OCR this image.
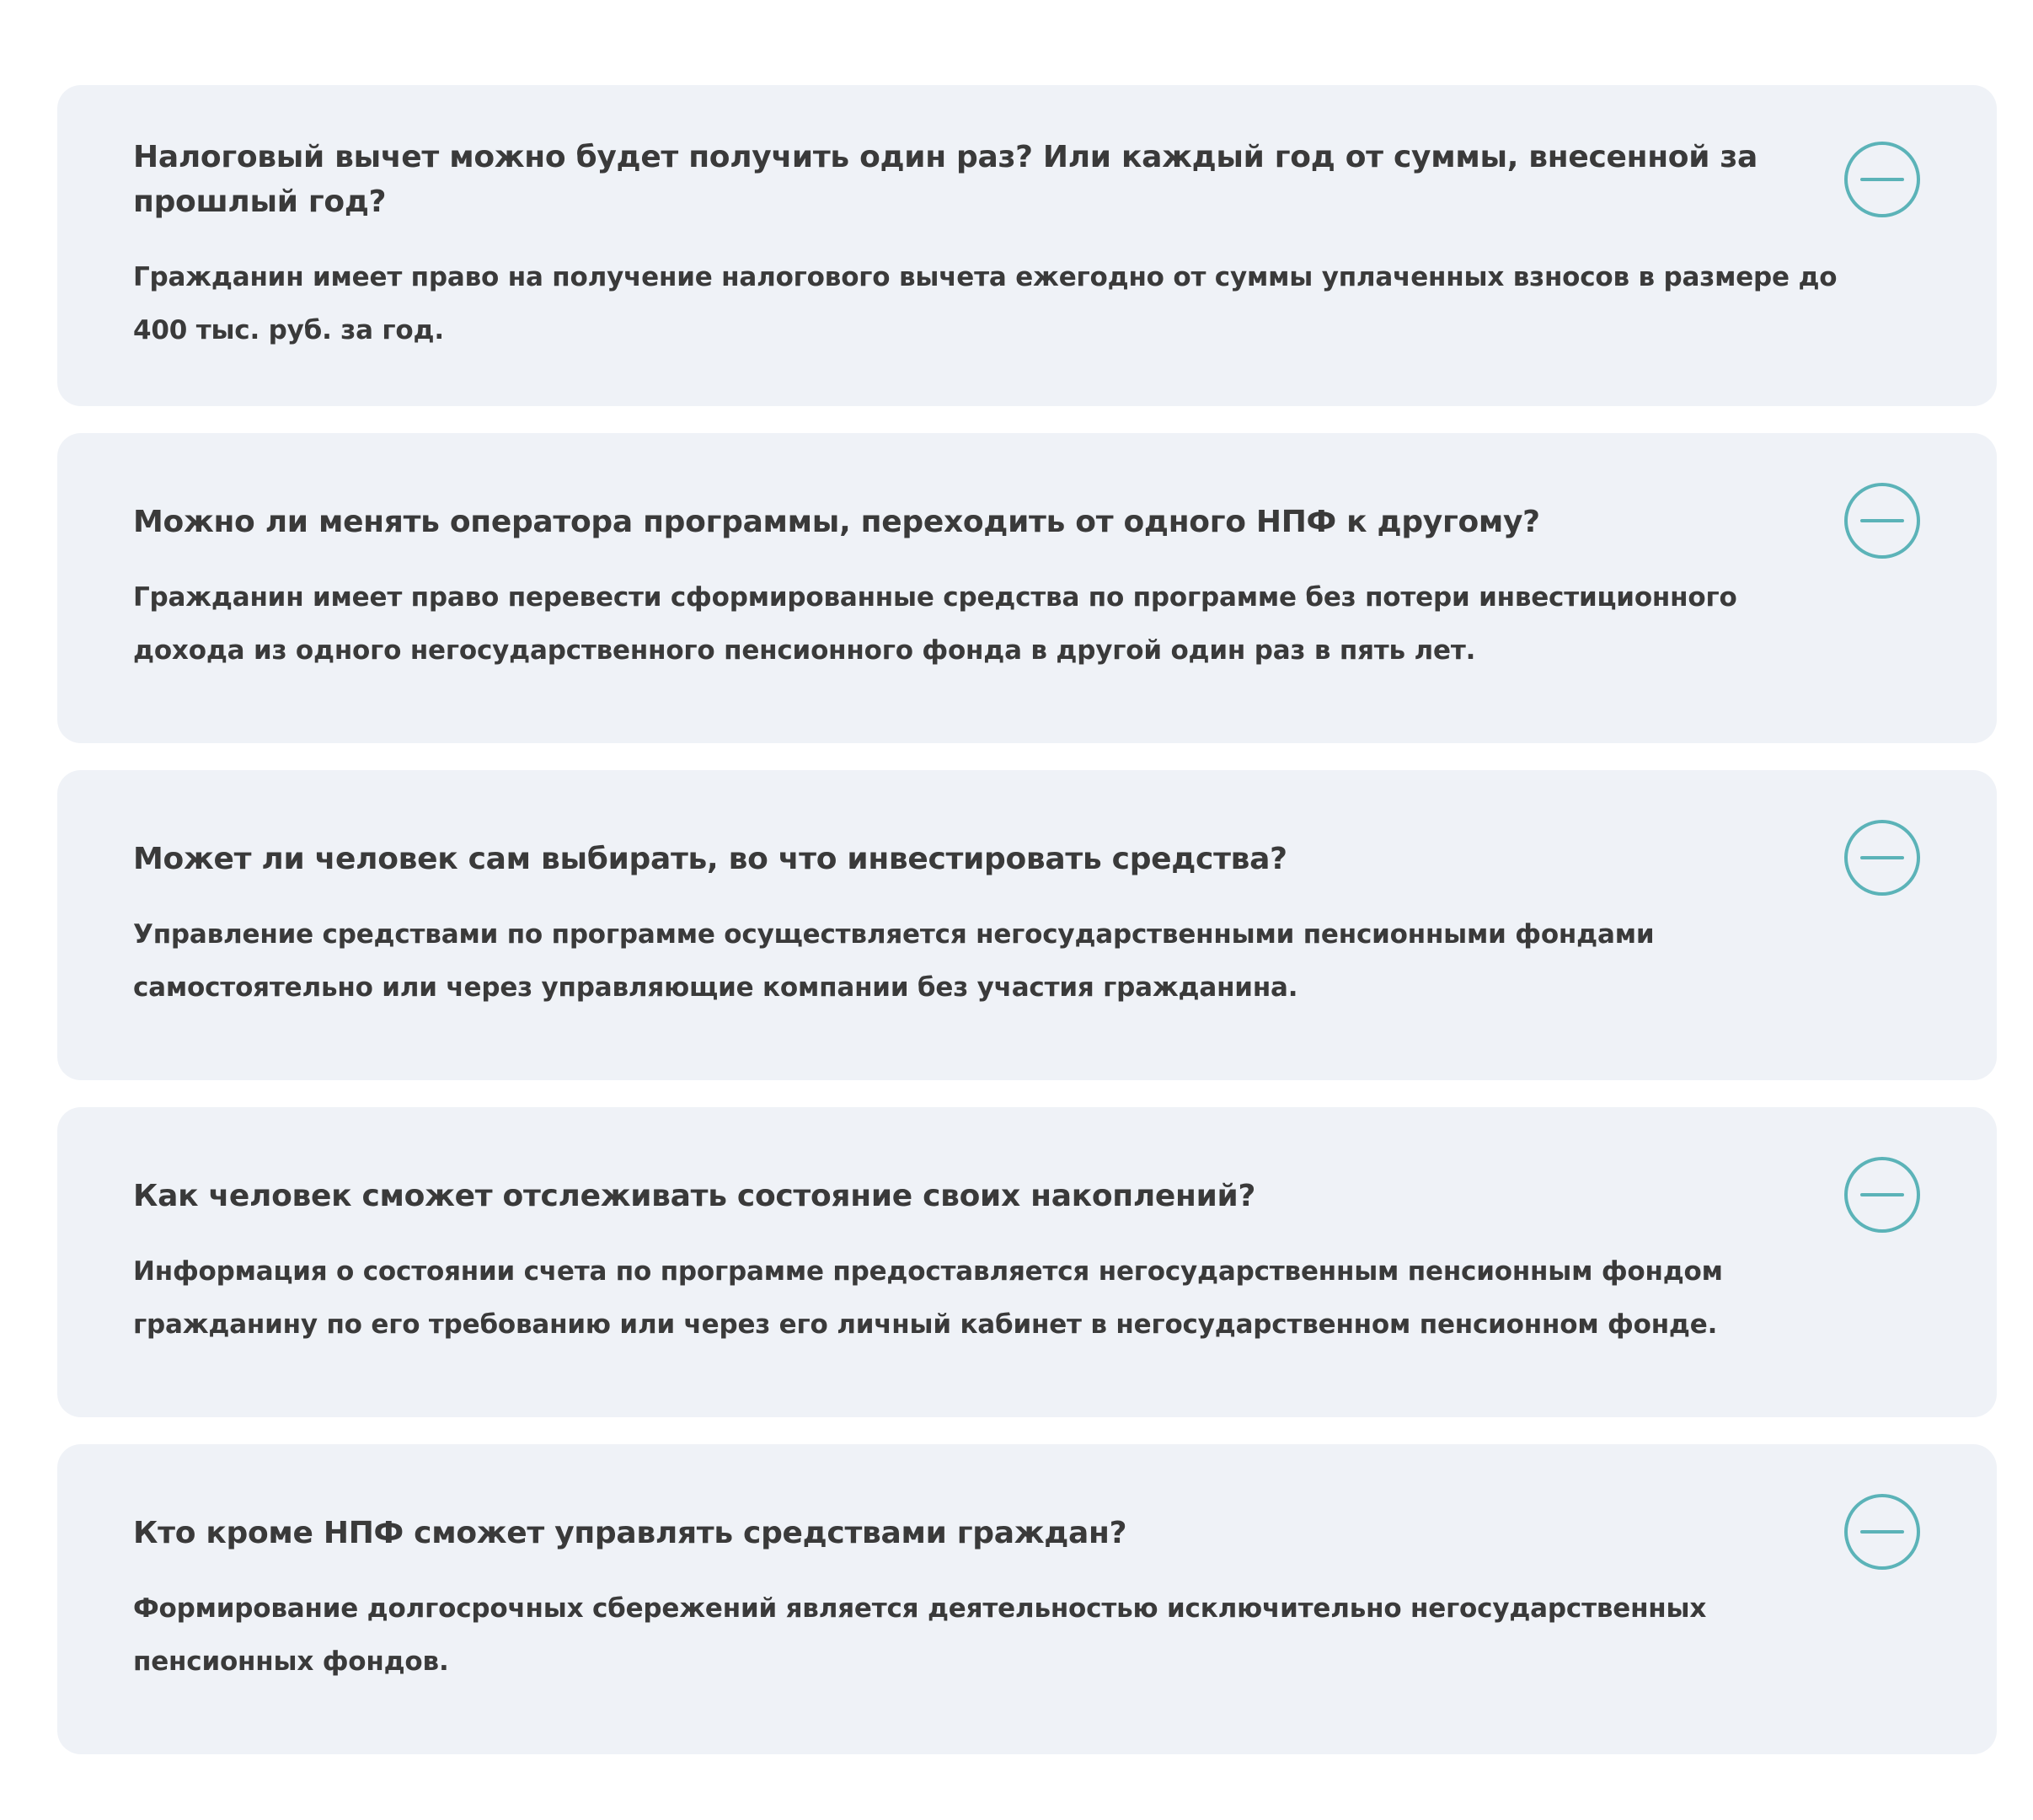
Налоговый вычет можно будет получить один раз? Или каждый год от суммы, внесенной за прошлый год?

Гражданин имеет право на получение налогового вычета ежегодно от суммы уплаченных взносов в размере до 400 тыс. руб. за год.

Можно ли менять оператора программы, переходить от одного НПФ к другому?

Гражданин имеет право перевести сформированные средства по программе без потери инвестиционного дохода из одного негосударственного пенсионного фонда в другой один раз в пять лет.

Может ли человек сам выбирать, во что инвестировать средства?

Управление средствами по программе осуществляется негосударственными пенсионными фондами самостоятельно или через управляющие компании без участия гражданина.

Как человек сможет отслеживать состояние своих накоплений?

Информация о состоянии счета по программе предоставляется негосударственным пенсионным фондом гражданину по его требованию или через его личный кабинет в негосударственном пенсионном фонде.

Кто кроме НПФ сможет управлять средствами граждан?

Формирование долгосрочных сбережений является деятельностью исключительно негосударственных пенсионных фондов.
